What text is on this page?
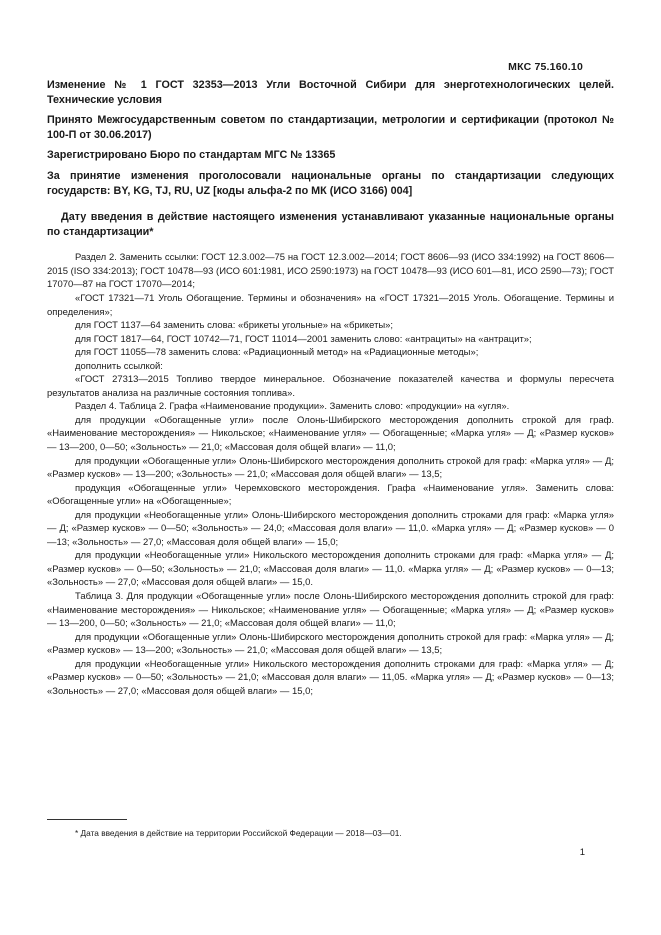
МКС 75.160.10

Изменение № 1 ГОСТ 32353—2013 Угли Восточной Сибири для энерготехнологических целей. Технические условия

Принято Межгосударственным советом по стандартизации, метрологии и сертификации (протокол № 100-П от 30.06.2017)

Зарегистрировано Бюро по стандартам МГС № 13365

За принятие изменения проголосовали национальные органы по стандартизации следующих государств: BY, KG, TJ, RU, UZ [коды альфа-2 по МК (ИСО 3166) 004]

Дату введения в действие настоящего изменения устанавливают указанные национальные органы по стандартизации*

Раздел 2. Заменить ссылки: ГОСТ 12.3.002—75 на ГОСТ 12.3.002—2014; ГОСТ 8606—93 (ИСО 334:1992) на ГОСТ 8606—2015 (ISO 334:2013); ГОСТ 10478—93 (ИСО 601:1981, ИСО 2590:1973) на ГОСТ 10478—93 (ИСО 601—81, ИСО 2590—73); ГОСТ 17070—87 на ГОСТ 17070—2014;

«ГОСТ 17321—71 Уголь Обогащение. Термины и обозначения» на «ГОСТ 17321—2015 Уголь. Обогащение. Термины и определения»;

для ГОСТ 1137—64 заменить слова: «брикеты угольные» на «брикеты»;

для ГОСТ 1817—64, ГОСТ 10742—71, ГОСТ 11014—2001 заменить слово: «антрациты» на «антрацит»;

для ГОСТ 11055—78 заменить слова: «Радиационный метод» на «Радиационные методы»;

дополнить ссылкой:

«ГОСТ 27313—2015 Топливо твердое минеральное. Обозначение показателей качества и формулы пересчета результатов анализа на различные состояния топлива».

Раздел 4. Таблица 2. Графа «Наименование продукции». Заменить слово: «продукции» на «угля».

для продукции «Обогащенные угли» после Олонь-Шибирского месторождения дополнить строкой для граф. «Наименование месторождения» — Никольское; «Наименование угля» — Обогащенные; «Марка угля» — Д; «Размер кусков» — 13—200, 0—50; «Зольность» — 21,0; «Массовая доля общей влаги» — 11,0;

для продукции «Обогащенные угли» Олонь-Шибирского месторождения дополнить строкой для граф: «Марка угля» — Д; «Размер кусков» — 13—200; «Зольность» — 21,0; «Массовая доля общей влаги» — 13,5;

продукция «Обогащенные угли» Черемховского месторождения. Графа «Наименование угля». Заменить слова: «Обогащенные угли» на «Обогащенные»;

для продукции «Необогащенные угли» Олонь-Шибирского месторождения дополнить строками для граф: «Марка угля» — Д; «Размер кусков» — 0—50; «Зольность» — 24,0; «Массовая доля влаги» — 11,0. «Марка угля» — Д; «Размер кусков» — 0—13; «Зольность» — 27,0; «Массовая доля общей влаги» — 15,0;

для продукции «Необогащенные угли» Никольского месторождения дополнить строками для граф: «Марка угля» — Д; «Размер кусков» — 0—50; «Зольность» — 21,0; «Массовая доля влаги» — 11,0. «Марка угля» — Д; «Размер кусков» — 0—13; «Зольность» — 27,0; «Массовая доля общей влаги» — 15,0.

Таблица 3. Для продукции «Обогащенные угли» после Олонь-Шибирского месторождения дополнить строкой для граф: «Наименование месторождения» — Никольское; «Наименование угля» — Обогащенные; «Марка угля» — Д; «Размер кусков» — 13—200, 0—50; «Зольность» — 21,0; «Массовая доля общей влаги» — 11,0;

для продукции «Обогащенные угли» Олонь-Шибирского месторождения дополнить строкой для граф: «Марка угля» — Д; «Размер кусков» — 13—200; «Зольность» — 21,0; «Массовая доля общей влаги» — 13,5;

для продукции «Необогащенные угли» Никольского месторождения дополнить строками для граф: «Марка угля» — Д; «Размер кусков» — 0—50; «Зольность» — 21,0; «Массовая доля влаги» — 11,05. «Марка угля» — Д; «Размер кусков» — 0—13; «Зольность» — 27,0; «Массовая доля общей влаги» — 15,0;

* Дата введения в действие на территории Российской Федерации — 2018—03—01.
1
